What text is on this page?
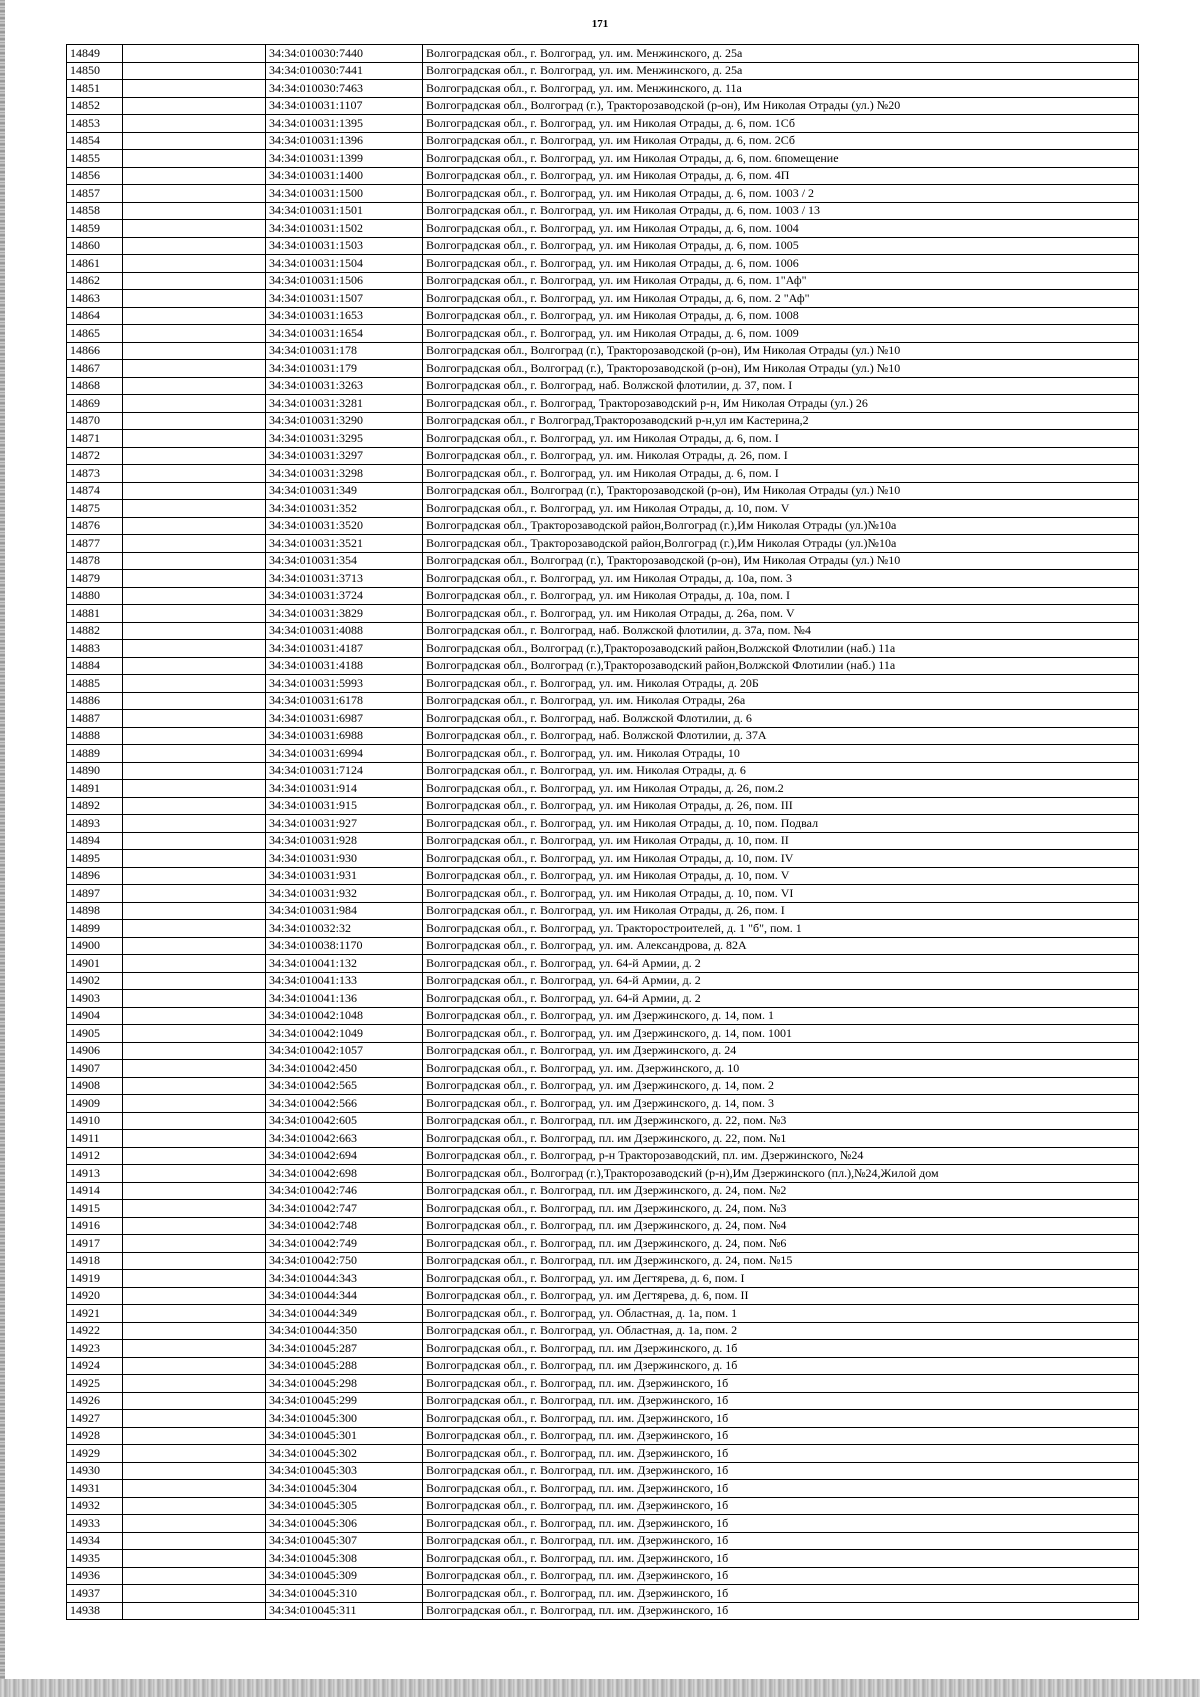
171
14849		34:34:010030:7440	Волгоградская обл., г. Волгоград, ул. им. Менжинского, д. 25а
14850		34:34:010030:7441	Волгоградская обл., г. Волгоград, ул. им. Менжинского, д. 25а
14851		34:34:010030:7463	Волгоградская обл., г. Волгоград, ул. им. Менжинского, д. 11а
14852		34:34:010031:1107	Волгоградская обл., Волгоград (г.), Тракторозаводской (р-он), Им Николая Отрады (ул.) №20
14853		34:34:010031:1395	Волгоградская обл., г. Волгоград, ул. им Николая Отрады, д. 6, пом. 1Сб
14854		34:34:010031:1396	Волгоградская обл., г. Волгоград, ул. им Николая Отрады, д. 6, пом. 2Сб
14855		34:34:010031:1399	Волгоградская обл., г. Волгоград, ул. им Николая Отрады, д. 6, пом. 6помещение
14856		34:34:010031:1400	Волгоградская обл., г. Волгоград, ул. им Николая Отрады, д. 6, пом. 4П
14857		34:34:010031:1500	Волгоградская обл., г. Волгоград, ул. им Николая Отрады, д. 6, пом. 1003 / 2
14858		34:34:010031:1501	Волгоградская обл., г. Волгоград, ул. им Николая Отрады, д. 6, пом. 1003 / 13
14859		34:34:010031:1502	Волгоградская обл., г. Волгоград, ул. им Николая Отрады, д. 6, пом. 1004
14860		34:34:010031:1503	Волгоградская обл., г. Волгоград, ул. им Николая Отрады, д. 6, пом. 1005
14861		34:34:010031:1504	Волгоградская обл., г. Волгоград, ул. им Николая Отрады, д. 6, пом. 1006
14862		34:34:010031:1506	Волгоградская обл., г. Волгоград, ул. им Николая Отрады, д. 6, пом. 1"Аф"
14863		34:34:010031:1507	Волгоградская обл., г. Волгоград, ул. им Николая Отрады, д. 6, пом. 2 "Аф"
14864		34:34:010031:1653	Волгоградская обл., г. Волгоград, ул. им Николая Отрады, д. 6, пом. 1008
14865		34:34:010031:1654	Волгоградская обл., г. Волгоград, ул. им Николая Отрады, д. 6, пом. 1009
14866		34:34:010031:178	Волгоградская обл., Волгоград (г.), Тракторозаводской (р-он), Им Николая Отрады (ул.) №10
14867		34:34:010031:179	Волгоградская обл., Волгоград (г.), Тракторозаводской (р-он), Им Николая Отрады (ул.) №10
14868		34:34:010031:3263	Волгоградская обл., г. Волгоград, наб. Волжской флотилии, д. 37, пом. I
14869		34:34:010031:3281	Волгоградская обл., г. Волгоград, Тракторозаводский р-н, Им Николая Отрады (ул.) 26
14870		34:34:010031:3290	Волгоградская обл., г Волгоград,Тракторозаводский р-н,ул им Кастерина,2
14871		34:34:010031:3295	Волгоградская обл., г. Волгоград, ул. им Николая Отрады, д. 6, пом. I
14872		34:34:010031:3297	Волгоградская обл., г. Волгоград, ул. им. Николая Отрады, д. 26, пом. I
14873		34:34:010031:3298	Волгоградская обл., г. Волгоград, ул. им Николая Отрады, д. 6, пом. I
14874		34:34:010031:349	Волгоградская обл., Волгоград (г.), Тракторозаводской (р-он), Им Николая Отрады (ул.) №10
14875		34:34:010031:352	Волгоградская обл., г. Волгоград, ул. им Николая Отрады, д. 10, пом. V
14876		34:34:010031:3520	Волгоградская обл., Тракторозаводской район,Волгоград (г.),Им Николая Отрады (ул.)№10а
14877		34:34:010031:3521	Волгоградская обл., Тракторозаводской район,Волгоград (г.),Им Николая Отрады (ул.)№10а
14878		34:34:010031:354	Волгоградская обл., Волгоград (г.), Тракторозаводской (р-он), Им Николая Отрады (ул.) №10
14879		34:34:010031:3713	Волгоградская обл., г. Волгоград, ул. им Николая Отрады, д. 10а, пом. 3
14880		34:34:010031:3724	Волгоградская обл., г. Волгоград, ул. им Николая Отрады, д. 10а, пом. I
14881		34:34:010031:3829	Волгоградская обл., г. Волгоград, ул. им Николая Отрады, д. 26а, пом. V
14882		34:34:010031:4088	Волгоградская обл., г. Волгоград, наб. Волжской флотилии, д. 37а, пом. №4
14883		34:34:010031:4187	Волгоградская обл., Волгоград (г.),Тракторозаводский район,Волжской Флотилии (наб.) 11а
14884		34:34:010031:4188	Волгоградская обл., Волгоград (г.),Тракторозаводский район,Волжской Флотилии (наб.) 11а
14885		34:34:010031:5993	Волгоградская обл., г. Волгоград, ул. им. Николая Отрады, д. 20Б
14886		34:34:010031:6178	Волгоградская обл., г. Волгоград, ул. им. Николая Отрады, 26а
14887		34:34:010031:6987	Волгоградская обл., г. Волгоград, наб. Волжской Флотилии, д. 6
14888		34:34:010031:6988	Волгоградская обл., г. Волгоград, наб. Волжской Флотилии, д. 37А
14889		34:34:010031:6994	Волгоградская обл., г. Волгоград, ул. им. Николая Отрады, 10
14890		34:34:010031:7124	Волгоградская обл., г. Волгоград, ул. им. Николая Отрады, д. 6
14891		34:34:010031:914	Волгоградская обл., г. Волгоград, ул. им Николая Отрады, д. 26, пом.2
14892		34:34:010031:915	Волгоградская обл., г. Волгоград, ул. им Николая Отрады, д. 26, пом. III
14893		34:34:010031:927	Волгоградская обл., г. Волгоград, ул. им Николая Отрады, д. 10, пом. Подвал
14894		34:34:010031:928	Волгоградская обл., г. Волгоград, ул. им Николая Отрады, д. 10, пом. II
14895		34:34:010031:930	Волгоградская обл., г. Волгоград, ул. им Николая Отрады, д. 10, пом. IV
14896		34:34:010031:931	Волгоградская обл., г. Волгоград, ул. им Николая Отрады, д. 10, пом. V
14897		34:34:010031:932	Волгоградская обл., г. Волгоград, ул. им Николая Отрады, д. 10, пом. VI
14898		34:34:010031:984	Волгоградская обл., г. Волгоград, ул. им Николая Отрады, д. 26, пом. I
14899		34:34:010032:32	Волгоградская обл., г. Волгоград, ул. Тракторостроителей, д. 1 "б", пом. 1
14900		34:34:010038:1170	Волгоградская обл., г. Волгоград, ул. им. Александрова, д. 82А
14901		34:34:010041:132	Волгоградская обл., г. Волгоград, ул. 64-й Армии, д. 2
14902		34:34:010041:133	Волгоградская обл., г. Волгоград, ул. 64-й Армии, д. 2
14903		34:34:010041:136	Волгоградская обл., г. Волгоград, ул. 64-й Армии, д. 2
14904		34:34:010042:1048	Волгоградская обл., г. Волгоград, ул. им Дзержинского, д. 14, пом. 1
14905		34:34:010042:1049	Волгоградская обл., г. Волгоград, ул. им Дзержинского, д. 14, пом. 1001
14906		34:34:010042:1057	Волгоградская обл., г. Волгоград, ул. им Дзержинского, д. 24
14907		34:34:010042:450	Волгоградская обл., г. Волгоград, ул. им. Дзержинского, д. 10
14908		34:34:010042:565	Волгоградская обл., г. Волгоград, ул. им Дзержинского, д. 14, пом. 2
14909		34:34:010042:566	Волгоградская обл., г. Волгоград, ул. им Дзержинского, д. 14, пом. 3
14910		34:34:010042:605	Волгоградская обл., г. Волгоград, пл. им Дзержинского, д. 22, пом. №3
14911		34:34:010042:663	Волгоградская обл., г. Волгоград, пл. им Дзержинского, д. 22, пом. №1
14912		34:34:010042:694	Волгоградская обл., г. Волгоград, р-н Тракторозаводский, пл. им. Дзержинского, №24
14913		34:34:010042:698	Волгоградская обл., Волгоград (г.),Тракторозаводский (р-н),Им Дзержинского (пл.),№24,Жилой дом
14914		34:34:010042:746	Волгоградская обл., г. Волгоград, пл. им Дзержинского, д. 24, пом. №2
14915		34:34:010042:747	Волгоградская обл., г. Волгоград, пл. им Дзержинского, д. 24, пом. №3
14916		34:34:010042:748	Волгоградская обл., г. Волгоград, пл. им Дзержинского, д. 24, пом. №4
14917		34:34:010042:749	Волгоградская обл., г. Волгоград, пл. им Дзержинского, д. 24, пом. №6
14918		34:34:010042:750	Волгоградская обл., г. Волгоград, пл. им Дзержинского, д. 24, пом. №15
14919		34:34:010044:343	Волгоградская обл., г. Волгоград, ул. им Дегтярева, д. 6, пом. I
14920		34:34:010044:344	Волгоградская обл., г. Волгоград, ул. им Дегтярева, д. 6, пом. II
14921		34:34:010044:349	Волгоградская обл., г. Волгоград, ул. Областная, д. 1а, пом. 1
14922		34:34:010044:350	Волгоградская обл., г. Волгоград, ул. Областная, д. 1а, пом. 2
14923		34:34:010045:287	Волгоградская обл., г. Волгоград, пл. им Дзержинского, д. 1б
14924		34:34:010045:288	Волгоградская обл., г. Волгоград, пл. им Дзержинского, д. 1б
14925		34:34:010045:298	Волгоградская обл., г. Волгоград, пл. им. Дзержинского, 1б
14926		34:34:010045:299	Волгоградская обл., г. Волгоград, пл. им. Дзержинского, 1б
14927		34:34:010045:300	Волгоградская обл., г. Волгоград, пл. им. Дзержинского, 1б
14928		34:34:010045:301	Волгоградская обл., г. Волгоград, пл. им. Дзержинского, 1б
14929		34:34:010045:302	Волгоградская обл., г. Волгоград, пл. им. Дзержинского, 1б
14930		34:34:010045:303	Волгоградская обл., г. Волгоград, пл. им. Дзержинского, 1б
14931		34:34:010045:304	Волгоградская обл., г. Волгоград, пл. им. Дзержинского, 1б
14932		34:34:010045:305	Волгоградская обл., г. Волгоград, пл. им. Дзержинского, 1б
14933		34:34:010045:306	Волгоградская обл., г. Волгоград, пл. им. Дзержинского, 1б
14934		34:34:010045:307	Волгоградская обл., г. Волгоград, пл. им. Дзержинского, 1б
14935		34:34:010045:308	Волгоградская обл., г. Волгоград, пл. им. Дзержинского, 1б
14936		34:34:010045:309	Волгоградская обл., г. Волгоград, пл. им. Дзержинского, 1б
14937		34:34:010045:310	Волгоградская обл., г. Волгоград, пл. им. Дзержинского, 1б
14938		34:34:010045:311	Волгоградская обл., г. Волгоград, пл. им. Дзержинского, 1б
